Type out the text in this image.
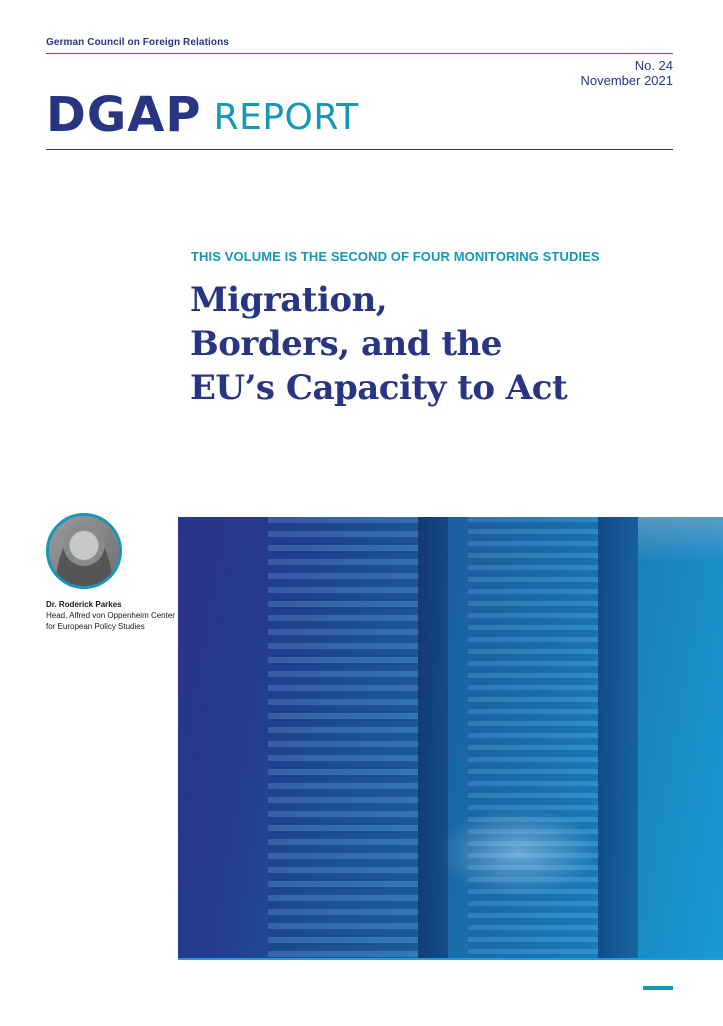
German Council on Foreign Relations
No. 24
November 2021
DGAP REPORT
THIS VOLUME IS THE SECOND OF FOUR MONITORING STUDIES
Migration,
Borders, and the
EU’s Capacity to Act
Dr. Roderick Parkes
Head, Alfred von Oppenheim Center for European Policy Studies
